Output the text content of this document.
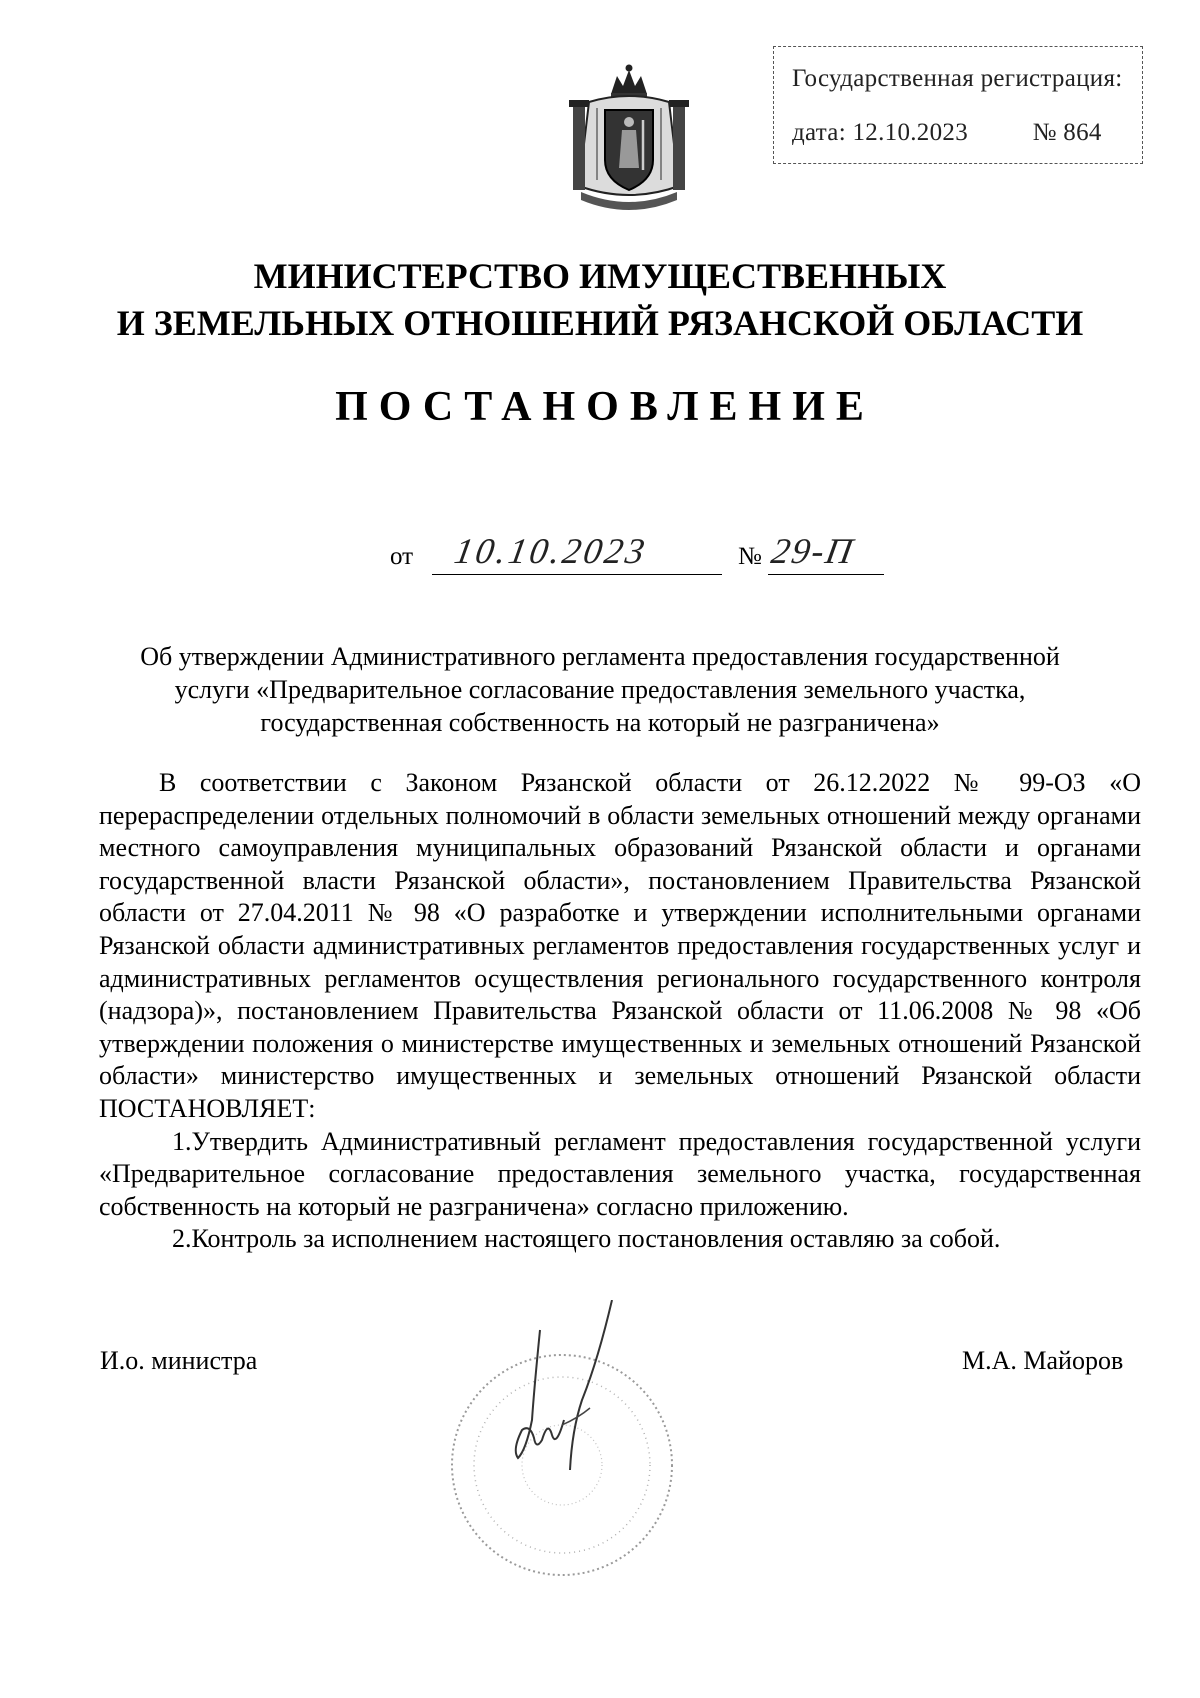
Государственная регистрация:
дата: 12.10.2023	№ 864
МИНИСТЕРСТВО ИМУЩЕСТВЕННЫХ
И ЗЕМЕЛЬНЫХ ОТНОШЕНИЙ РЯЗАНСКОЙ ОБЛАСТИ
ПОСТАНОВЛЕНИЕ
от 10.10.2023	№ 29-П
Об утверждении Административного регламента предоставления государственной
услуги «Предварительное согласование предоставления земельного участка,
государственная собственность на который не разграничена»

В соответствии с Законом Рязанской области от 26.12.2022 № 99-ОЗ «О перераспределении отдельных полномочий в области земельных отношений между органами местного самоуправления муниципальных образований Рязанской области и органами государственной власти Рязанской области», постановлением Правительства Рязанской области от 27.04.2011 № 98 «О разработке и утверждении исполнительными органами Рязанской области административных регламентов предоставления государственных услуг и административных регламентов осуществления регионального государственного контроля (надзора)», постановлением Правительства Рязанской области от 11.06.2008 № 98 «Об утверждении положения о министерстве имущественных и земельных отношений Рязанской области» министерство имущественных и земельных отношений Рязанской области ПОСТАНОВЛЯЕТ:

1.Утвердить Административный регламент предоставления государственной услуги «Предварительное согласование предоставления земельного участка, государственная собственность на который не разграничена» согласно приложению.

2.Контроль за исполнением настоящего постановления оставляю за собой.

И.о. министра	М.А. Майоров
